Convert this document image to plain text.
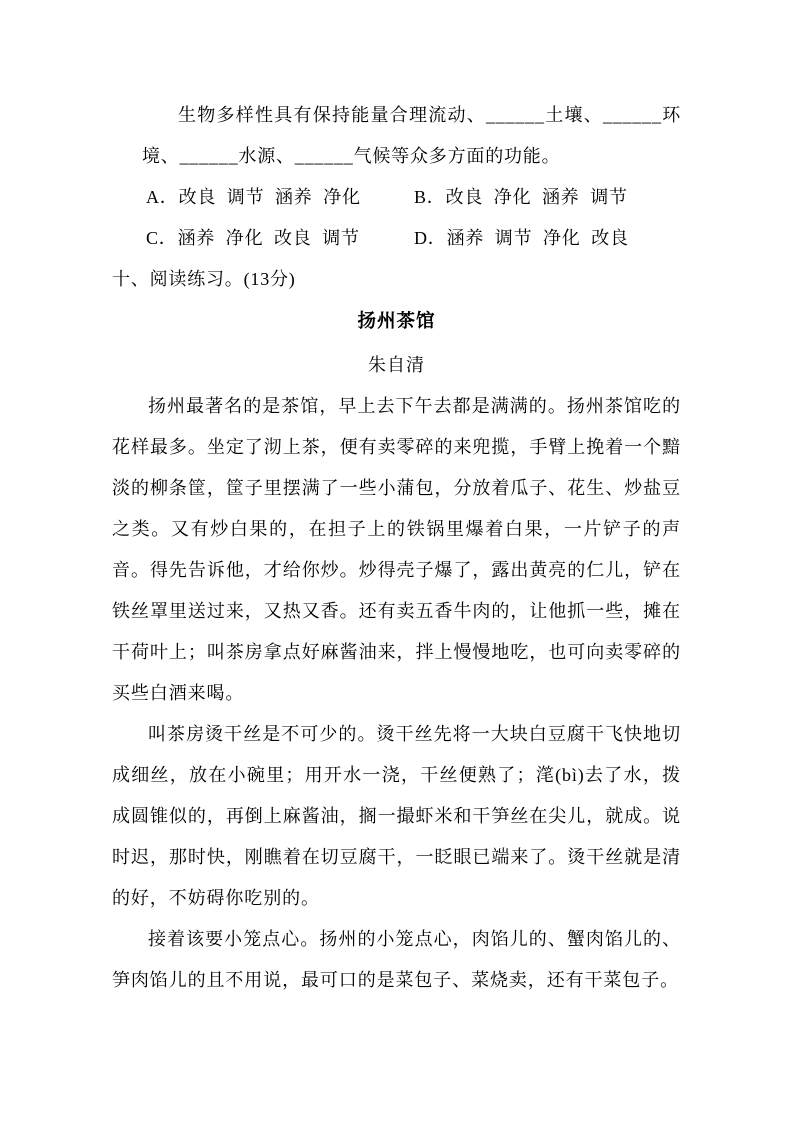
生物多样性具有保持能量合理流动、______土壤、______环境、______水源、______气候等众多方面的功能。

A．改良  调节  涵养  净化	B．改良  净化  涵养  调节
C．涵养  净化  改良  调节	D．涵养  调节  净化  改良

十、阅读练习。(13分)

扬州茶馆

朱自清

扬州最著名的是茶馆，早上去下午去都是满满的。扬州茶馆吃的花样最多。坐定了沏上茶，便有卖零碎的来兜揽，手臂上挽着一个黯淡的柳条筐，筐子里摆满了一些小蒲包，分放着瓜子、花生、炒盐豆之类。又有炒白果的，在担子上的铁锅里爆着白果，一片铲子的声音。得先告诉他，才给你炒。炒得壳子爆了，露出黄亮的仁儿，铲在铁丝罩里送过来，又热又香。还有卖五香牛肉的，让他抓一些，摊在干荷叶上；叫茶房拿点好麻酱油来，拌上慢慢地吃，也可向卖零碎的买些白酒来喝。

叫茶房烫干丝是不可少的。烫干丝先将一大块白豆腐干飞快地切成细丝，放在小碗里；用开水一浇，干丝便熟了；滗(bì)去了水，拨成圆锥似的，再倒上麻酱油，搁一撮虾米和干笋丝在尖儿，就成。说时迟，那时快，刚瞧着在切豆腐干，一眨眼已端来了。烫干丝就是清的好，不妨碍你吃别的。

接着该要小笼点心。扬州的小笼点心，肉馅儿的、蟹肉馅儿的、笋肉馅儿的且不用说，最可口的是菜包子、菜烧卖，还有干菜包子。
